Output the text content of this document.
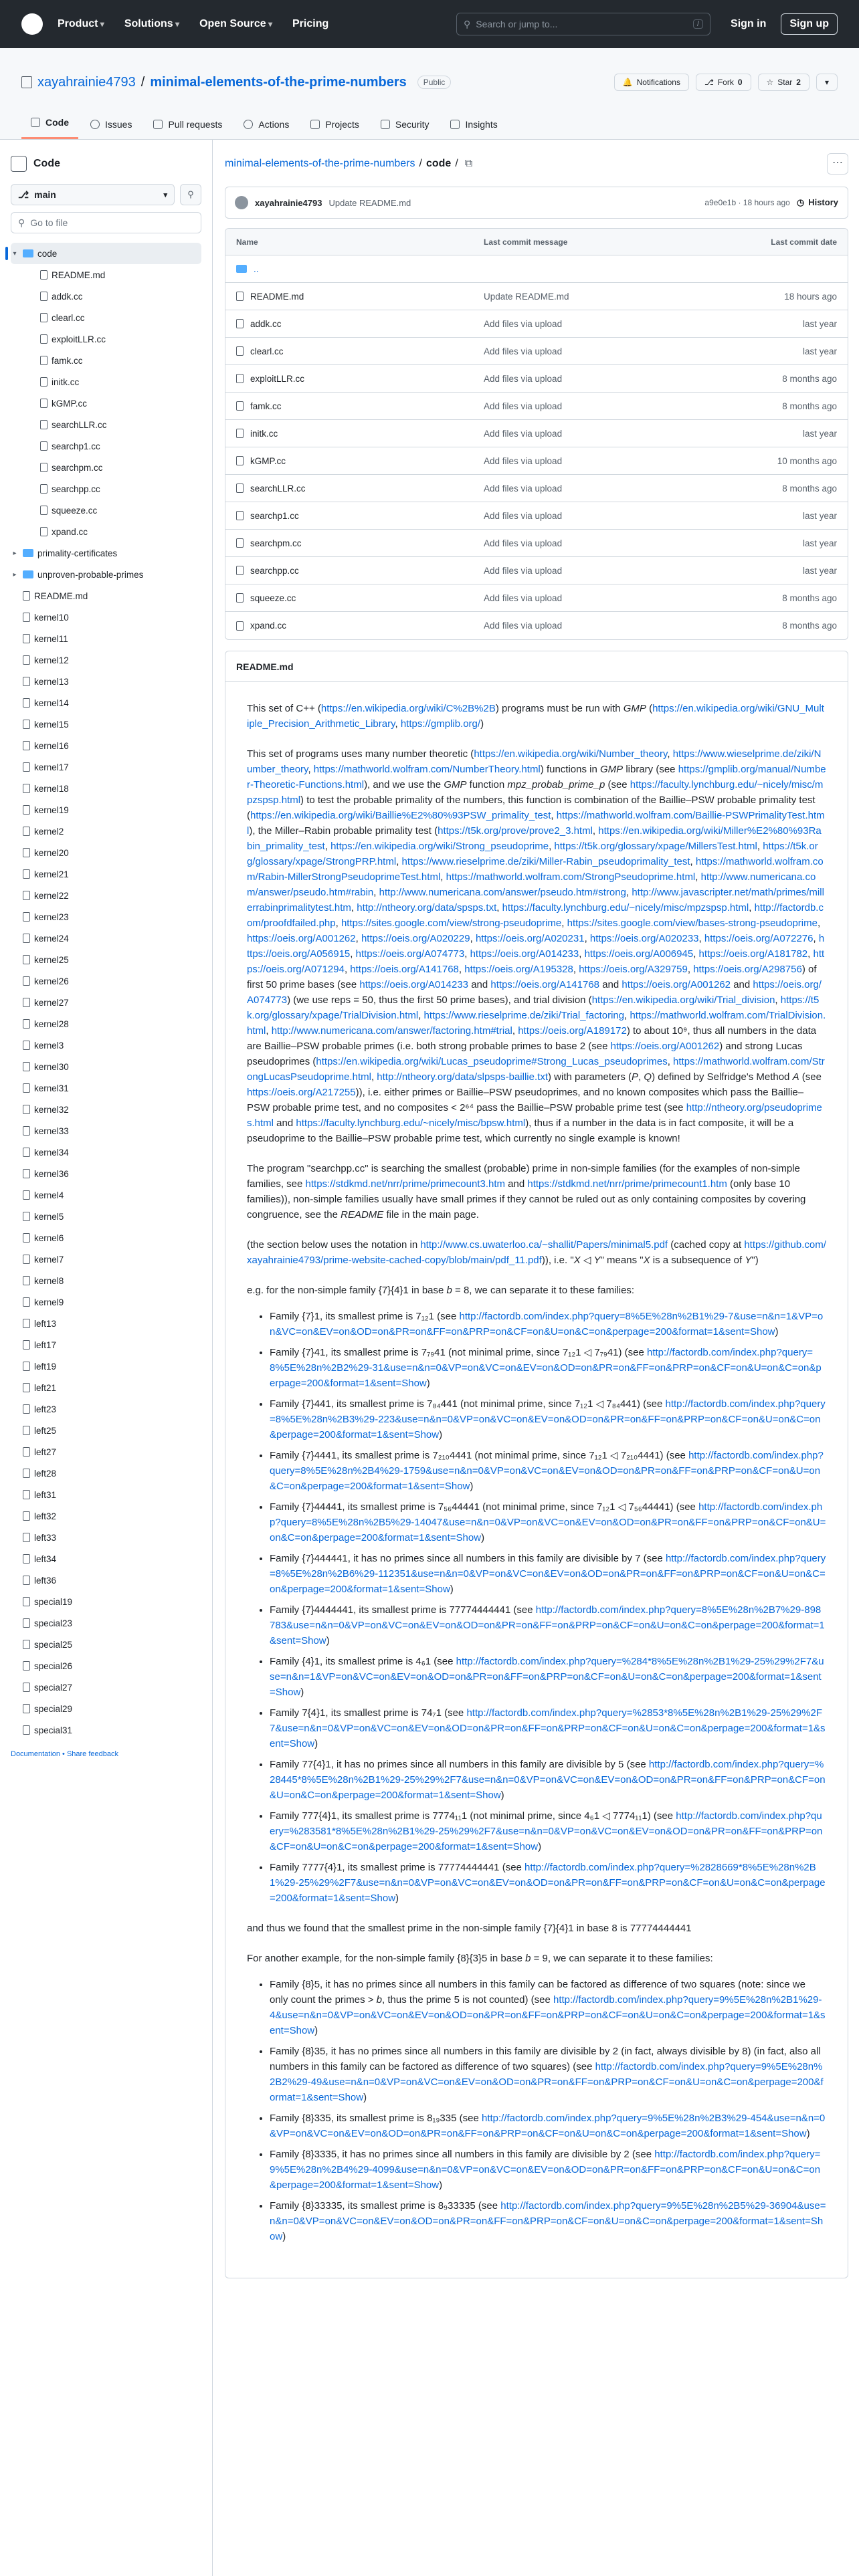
Product ▾	Solutions ▾	Open Source ▾	Pricing	⚲ Search or jump to...	/	Sign in	Sign up
xayahrainie4793 / minimal-elements-of-the-prime-numbers	Public	🔔 Notifications	⎇ Fork 0	☆ Star 2	▾
Code	Issues	Pull requests	Actions	Projects	Security	Insights
Code
⎇ main	▾ ⚲
⚲ Go to file
▾ code
README.md
addk.cc
clearl.cc
exploitLLR.cc
famk.cc
initk.cc
kGMP.cc
searchLLR.cc
searchp1.cc
searchpm.cc
searchpp.cc
squeeze.cc
xpand.cc
▸ primality-certificates
▸ unproven-probable-primes
README.md
kernel10
kernel11
kernel12
kernel13
kernel14
kernel15
kernel16
kernel17
kernel18
kernel19
kernel2
kernel20
kernel21
kernel22
kernel23
kernel24
kernel25
kernel26
kernel27
kernel28
kernel3
kernel30
kernel31
kernel32
kernel33
kernel34
kernel36
kernel4
kernel5
kernel6
kernel7
kernel8
kernel9
left13
left17
left19
left21
left23
left25
left27
left28
left31
left32
left33
left34
left36
special19
special23
special25
special26
special27
special29
special31
Documentation • Share feedback
minimal-elements-of-the-prime-numbers / code / ⧉	⋯
xayahrainie4793 Update README.md	a9e0e1b · 18 hours ago ◷ History
Name	Last commit message	Last commit date
..
README.md	Update README.md	18 hours ago
addk.cc	Add files via upload	last year
clearl.cc	Add files via upload	last year
exploitLLR.cc	Add files via upload	8 months ago
famk.cc	Add files via upload	8 months ago
initk.cc	Add files via upload	last year
kGMP.cc	Add files via upload	10 months ago
searchLLR.cc	Add files via upload	8 months ago
searchp1.cc	Add files via upload	last year
searchpm.cc	Add files via upload	last year
searchpp.cc	Add files via upload	last year
squeeze.cc	Add files via upload	8 months ago
xpand.cc	Add files via upload	8 months ago
README.md

This set of C++ (https://en.wikipedia.org/wiki/C%2B%2B) programs must be run with GMP (https://en.wikipedia.org/wiki/GNU_Multiple_Precision_Arithmetic_Library, https://gmplib.org/)

This set of programs uses many number theoretic (https://en.wikipedia.org/wiki/Number_theory, https://www.wieselprime.de/ziki/Number_theory, https://mathworld.wolfram.com/NumberTheory.html) functions in GMP library (see https://gmplib.org/manual/Number-Theoretic-Functions.html), and we use the GMP function mpz_probab_prime_p (see https://faculty.lynchburg.edu/~nicely/misc/mpzspsp.html) to test the probable primality of the numbers, this function is combination of the Baillie–PSW probable primality test (https://en.wikipedia.org/wiki/Baillie%E2%80%93PSW_primality_test, https://mathworld.wolfram.com/Baillie-PSWPrimalityTest.html), the Miller–Rabin probable primality test (https://t5k.org/prove/prove2_3.html, https://en.wikipedia.org/wiki/Miller%E2%80%93Rabin_primality_test, https://en.wikipedia.org/wiki/Strong_pseudoprime, https://t5k.org/glossary/xpage/MillersTest.html, https://t5k.org/glossary/xpage/StrongPRP.html, https://www.rieselprime.de/ziki/Miller-Rabin_pseudoprimality_test, https://mathworld.wolfram.com/Rabin-MillerStrongPseudoprimeTest.html, https://mathworld.wolfram.com/StrongPseudoprime.html, http://www.numericana.com/answer/pseudo.htm#rabin, http://www.numericana.com/answer/pseudo.htm#strong, http://www.javascripter.net/math/primes/millerrabinprimalitytest.htm, http://ntheory.org/data/spsps.txt, https://faculty.lynchburg.edu/~nicely/misc/mpzspsp.html, http://factordb.com/proofdfailed.php, https://sites.google.com/view/strong-pseudoprime, https://sites.google.com/view/bases-strong-pseudoprime, https://oeis.org/A001262, https://oeis.org/A020229, https://oeis.org/A020231, https://oeis.org/A020233, https://oeis.org/A072276, https://oeis.org/A056915, https://oeis.org/A074773, https://oeis.org/A014233, https://oeis.org/A006945, https://oeis.org/A181782, https://oeis.org/A071294, https://oeis.org/A141768, https://oeis.org/A195328, https://oeis.org/A329759, https://oeis.org/A298756) of first 50 prime bases (see https://oeis.org/A014233 and https://oeis.org/A141768 and https://oeis.org/A001262 and https://oeis.org/A074773) (we use reps = 50, thus the first 50 prime bases), and trial division (https://en.wikipedia.org/wiki/Trial_division, https://t5k.org/glossary/xpage/TrialDivision.html, https://www.rieselprime.de/ziki/Trial_factoring, https://mathworld.wolfram.com/TrialDivision.html, http://www.numericana.com/answer/factoring.htm#trial, https://oeis.org/A189172) to about 10⁹, thus all numbers in the data are Baillie–PSW probable primes (i.e. both strong probable primes to base 2 (see https://oeis.org/A001262) and strong Lucas pseudoprimes (https://en.wikipedia.org/wiki/Lucas_pseudoprime#Strong_Lucas_pseudoprimes, https://mathworld.wolfram.com/StrongLucasPseudoprime.html, http://ntheory.org/data/slpsps-baillie.txt) with parameters (P, Q) defined by Selfridge's Method A (see https://oeis.org/A217255)), i.e. either primes or Baillie–PSW pseudoprimes, and no known composites which pass the Baillie–PSW probable prime test, and no composites < 2⁶⁴ pass the Baillie–PSW probable prime test (see http://ntheory.org/pseudoprimes.html and https://faculty.lynchburg.edu/~nicely/misc/bpsw.html), thus if a number in the data is in fact composite, it will be a pseudoprime to the Baillie–PSW probable prime test, which currently no single example is known!

The program "searchpp.cc" is searching the smallest (probable) prime in non-simple families (for the examples of non-simple families, see https://stdkmd.net/nrr/prime/primecount3.htm and https://stdkmd.net/nrr/prime/primecount1.htm (only base 10 families)), non-simple families usually have small primes if they cannot be ruled out as only containing composites by covering congruence, see the README file in the main page.

(the section below uses the notation in http://www.cs.uwaterloo.ca/~shallit/Papers/minimal5.pdf (cached copy at https://github.com/xayahrainie4793/prime-website-cached-copy/blob/main/pdf_11.pdf)), i.e. "X ◁ Y" means "X is a subsequence of Y")

e.g. for the non-simple family {7}{4}1 in base b = 8, we can separate it to these families:

• Family {7}1, its smallest prime is 7₁₂1 (see http://factordb.com/index.php?query=8%5E%28n%2B1%29-7&use=n&n=1&VP=on&VC=on&EV=on&OD=on&PR=on&FF=on&PRP=on&CF=on&U=on&C=on&perpage=200&format=1&sent=Show)
• Family {7}41, its smallest prime is 7₇₉41 (not minimal prime, since 7₁₂1 ◁ 7₇₉41) (see http://factordb.com/index.php?query=8%5E%28n%2B2%29-31&use=n&n=0&VP=on&VC=on&EV=on&OD=on&PR=on&FF=on&PRP=on&CF=on&U=on&C=on&perpage=200&format=1&sent=Show)
• Family {7}441, its smallest prime is 7₈₄441 (not minimal prime, since 7₁₂1 ◁ 7₈₄441) (see http://factordb.com/index.php?query=8%5E%28n%2B3%29-223&use=n&n=0&VP=on&VC=on&EV=on&OD=on&PR=on&FF=on&PRP=on&CF=on&U=on&C=on&perpage=200&format=1&sent=Show)
• Family {7}4441, its smallest prime is 7₂₁₀4441 (not minimal prime, since 7₁₂1 ◁ 7₂₁₀4441) (see http://factordb.com/index.php?query=8%5E%28n%2B4%29-1759&use=n&n=0&VP=on&VC=on&EV=on&OD=on&PR=on&FF=on&PRP=on&CF=on&U=on&C=on&perpage=200&format=1&sent=Show)
• Family {7}44441, its smallest prime is 7₅₆44441 (not minimal prime, since 7₁₂1 ◁ 7₅₆44441) (see http://factordb.com/index.php?query=8%5E%28n%2B5%29-14047&use=n&n=0&VP=on&VC=on&EV=on&OD=on&PR=on&FF=on&PRP=on&CF=on&U=on&C=on&perpage=200&format=1&sent=Show)
• Family {7}444441, it has no primes since all numbers in this family are divisible by 7 (see http://factordb.com/index.php?query=8%5E%28n%2B6%29-112351&use=n&n=0&VP=on&VC=on&EV=on&OD=on&PR=on&FF=on&PRP=on&CF=on&U=on&C=on&perpage=200&format=1&sent=Show)
• Family {7}4444441, its smallest prime is 77774444441 (see http://factordb.com/index.php?query=8%5E%28n%2B7%29-898783&use=n&n=0&VP=on&VC=on&EV=on&OD=on&PR=on&FF=on&PRP=on&CF=on&U=on&C=on&perpage=200&format=1&sent=Show)
• Family {4}1, its smallest prime is 4₆1 (see http://factordb.com/index.php?query=%284*8%5E%28n%2B1%29-25%29%2F7&use=n&n=1&VP=on&VC=on&EV=on&OD=on&PR=on&FF=on&PRP=on&CF=on&U=on&C=on&perpage=200&format=1&sent=Show)
• Family 7{4}1, its smallest prime is 74₇1 (see http://factordb.com/index.php?query=%2853*8%5E%28n%2B1%29-25%29%2F7&use=n&n=0&VP=on&VC=on&EV=on&OD=on&PR=on&FF=on&PRP=on&CF=on&U=on&C=on&perpage=200&format=1&sent=Show)
• Family 77{4}1, it has no primes since all numbers in this family are divisible by 5 (see http://factordb.com/index.php?query=%28445*8%5E%28n%2B1%29-25%29%2F7&use=n&n=0&VP=on&VC=on&EV=on&OD=on&PR=on&FF=on&PRP=on&CF=on&U=on&C=on&perpage=200&format=1&sent=Show)
• Family 777{4}1, its smallest prime is 7774₁₁1 (not minimal prime, since 4₆1 ◁ 7774₁₁1) (see http://factordb.com/index.php?query=%283581*8%5E%28n%2B1%29-25%29%2F7&use=n&n=0&VP=on&VC=on&EV=on&OD=on&PR=on&FF=on&PRP=on&CF=on&U=on&C=on&perpage=200&format=1&sent=Show)
• Family 7777{4}1, its smallest prime is 77774444441 (see http://factordb.com/index.php?query=%2828669*8%5E%28n%2B1%29-25%29%2F7&use=n&n=0&VP=on&VC=on&EV=on&OD=on&PR=on&FF=on&PRP=on&CF=on&U=on&C=on&perpage=200&format=1&sent=Show)

and thus we found that the smallest prime in the non-simple family {7}{4}1 in base 8 is 77774444441

For another example, for the non-simple family {8}{3}5 in base b = 9, we can separate it to these families:

• Family {8}5, it has no primes since all numbers in this family can be factored as difference of two squares (note: since we only count the primes > b, thus the prime 5 is not counted) (see http://factordb.com/index.php?query=9%5E%28n%2B1%29-4&use=n&n=0&VP=on&VC=on&EV=on&OD=on&PR=on&FF=on&PRP=on&CF=on&U=on&C=on&perpage=200&format=1&sent=Show)
• Family {8}35, it has no primes since all numbers in this family are divisible by 2 (in fact, always divisible by 8) (in fact, also all numbers in this family can be factored as difference of two squares) (see http://factordb.com/index.php?query=9%5E%28n%2B2%29-49&use=n&n=0&VP=on&VC=on&EV=on&OD=on&PR=on&FF=on&PRP=on&CF=on&U=on&C=on&perpage=200&format=1&sent=Show)
• Family {8}335, its smallest prime is 8₁₉335 (see http://factordb.com/index.php?query=9%5E%28n%2B3%29-454&use=n&n=0&VP=on&VC=on&EV=on&OD=on&PR=on&FF=on&PRP=on&CF=on&U=on&C=on&perpage=200&format=1&sent=Show)
• Family {8}3335, it has no primes since all numbers in this family are divisible by 2 (see http://factordb.com/index.php?query=9%5E%28n%2B4%29-4099&use=n&n=0&VP=on&VC=on&EV=on&OD=on&PR=on&FF=on&PRP=on&CF=on&U=on&C=on&perpage=200&format=1&sent=Show)
• Family {8}33335, its smallest prime is 8₉33335 (see http://factordb.com/index.php?query=9%5E%28n%2B5%29-36904&use=n&n=0&VP=on&VC=on&EV=on&OD=on&PR=on&FF=on&PRP=on&CF=on&U=on&C=on&perpage=200&format=1&sent=Show)
